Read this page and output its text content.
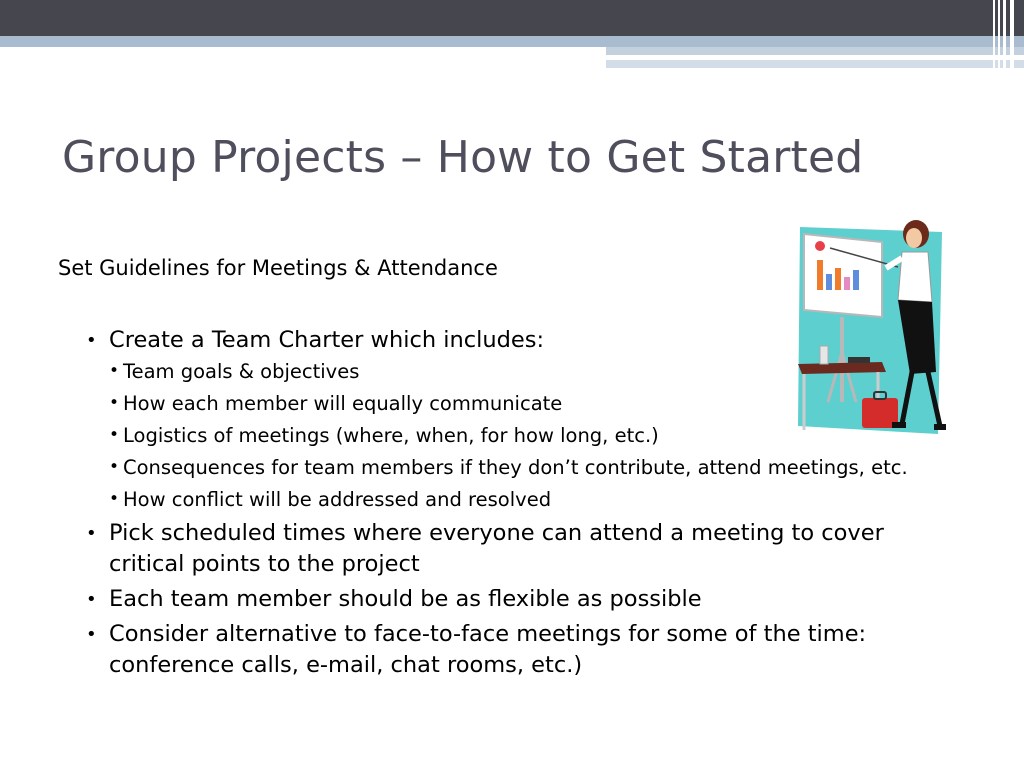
Group Projects – How to Get Started
Set Guidelines for Meetings & Attendance
• Create a Team Charter which includes:
• Team goals & objectives
• How each member will equally communicate
• Logistics of meetings (where, when, for how long, etc.)
• Consequences for team members if they don’t contribute, attend meetings, etc.
• How conflict will be addressed and resolved
• Pick scheduled times where everyone can attend a meeting to cover critical points to the project
• Each team member should be as flexible as possible
• Consider alternative to face-to-face meetings for some of the time: conference calls, e-mail, chat rooms, etc.)
